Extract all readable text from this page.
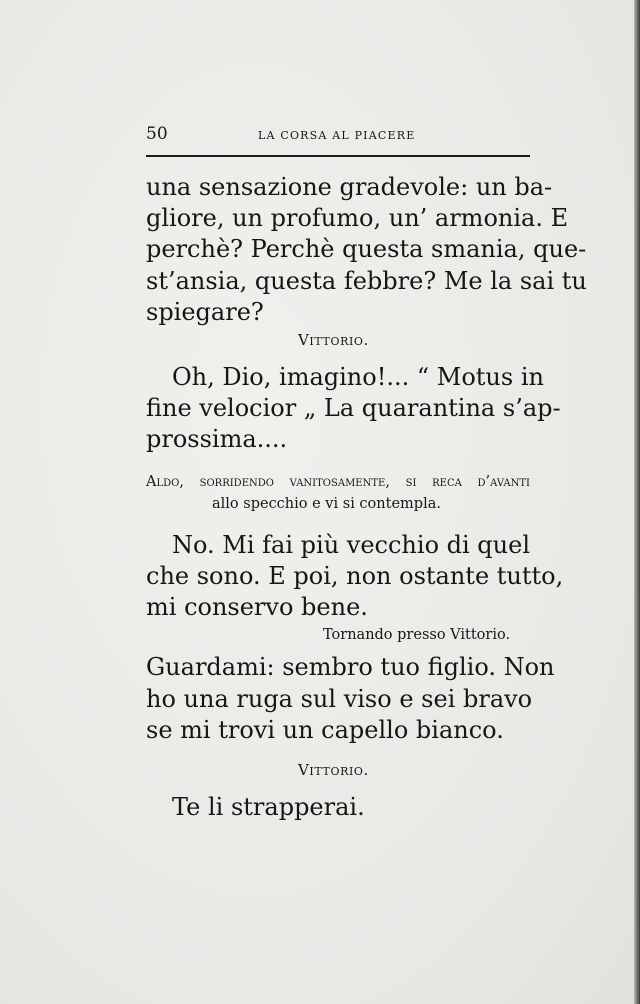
50	LA CORSA AL PIACERE
una sensazione gradevole: un ba-
gliore, un profumo, un’ armonia. E
perchè? Perchè questa smania, que-
st’ansia, questa febbre? Me la sai tu
spiegare?
Vittorio.
Oh, Dio, imagino!... “ Motus in
fine velocior „ La quarantina s’ap-
prossima....
Aldo, sorridendo vanitosamente, si reca d’avanti
allo specchio e vi si contempla.
No. Mi fai più vecchio di quel
che sono. E poi, non ostante tutto,
mi conservo bene.
Tornando presso Vittorio.
Guardami: sembro tuo figlio. Non
ho una ruga sul viso e sei bravo
se mi trovi un capello bianco.
Vittorio.
Te li strapperai.
